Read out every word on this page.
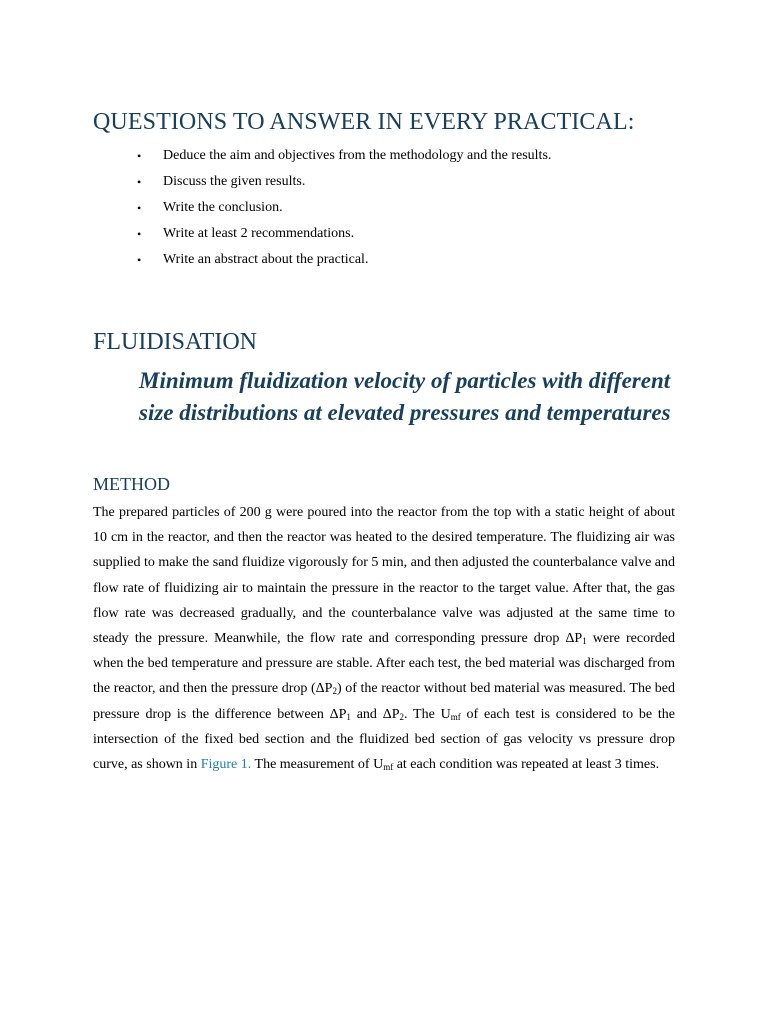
QUESTIONS TO ANSWER IN EVERY PRACTICAL:
• Deduce the aim and objectives from the methodology and the results.
• Discuss the given results.
• Write the conclusion.
• Write at least 2 recommendations.
• Write an abstract about the practical.
FLUIDISATION
Minimum fluidization velocity of particles with different size distributions at elevated pressures and temperatures
METHOD

The prepared particles of 200 g were poured into the reactor from the top with a static height of about 10 cm in the reactor, and then the reactor was heated to the desired temperature. The fluidizing air was supplied to make the sand fluidize vigorously for 5 min, and then adjusted the counterbalance valve and flow rate of fluidizing air to maintain the pressure in the reactor to the target value. After that, the gas flow rate was decreased gradually, and the counterbalance valve was adjusted at the same time to steady the pressure. Meanwhile, the flow rate and corresponding pressure drop $\Delta P_1$ were recorded when the bed temperature and pressure are stable. After each test, the bed material was discharged from the reactor, and then the pressure drop $(\Delta P_2)$ of the reactor without bed material was measured. The bed pressure drop is the difference between $\Delta P_1$ and $\Delta P_2$. The $U_{mf}$ of each test is considered to be the intersection of the fixed bed section and the fluidized bed section of gas velocity vs pressure drop curve, as shown in Figure 1. The measurement of $U_{mf}$ at each condition was repeated at least 3 times.
